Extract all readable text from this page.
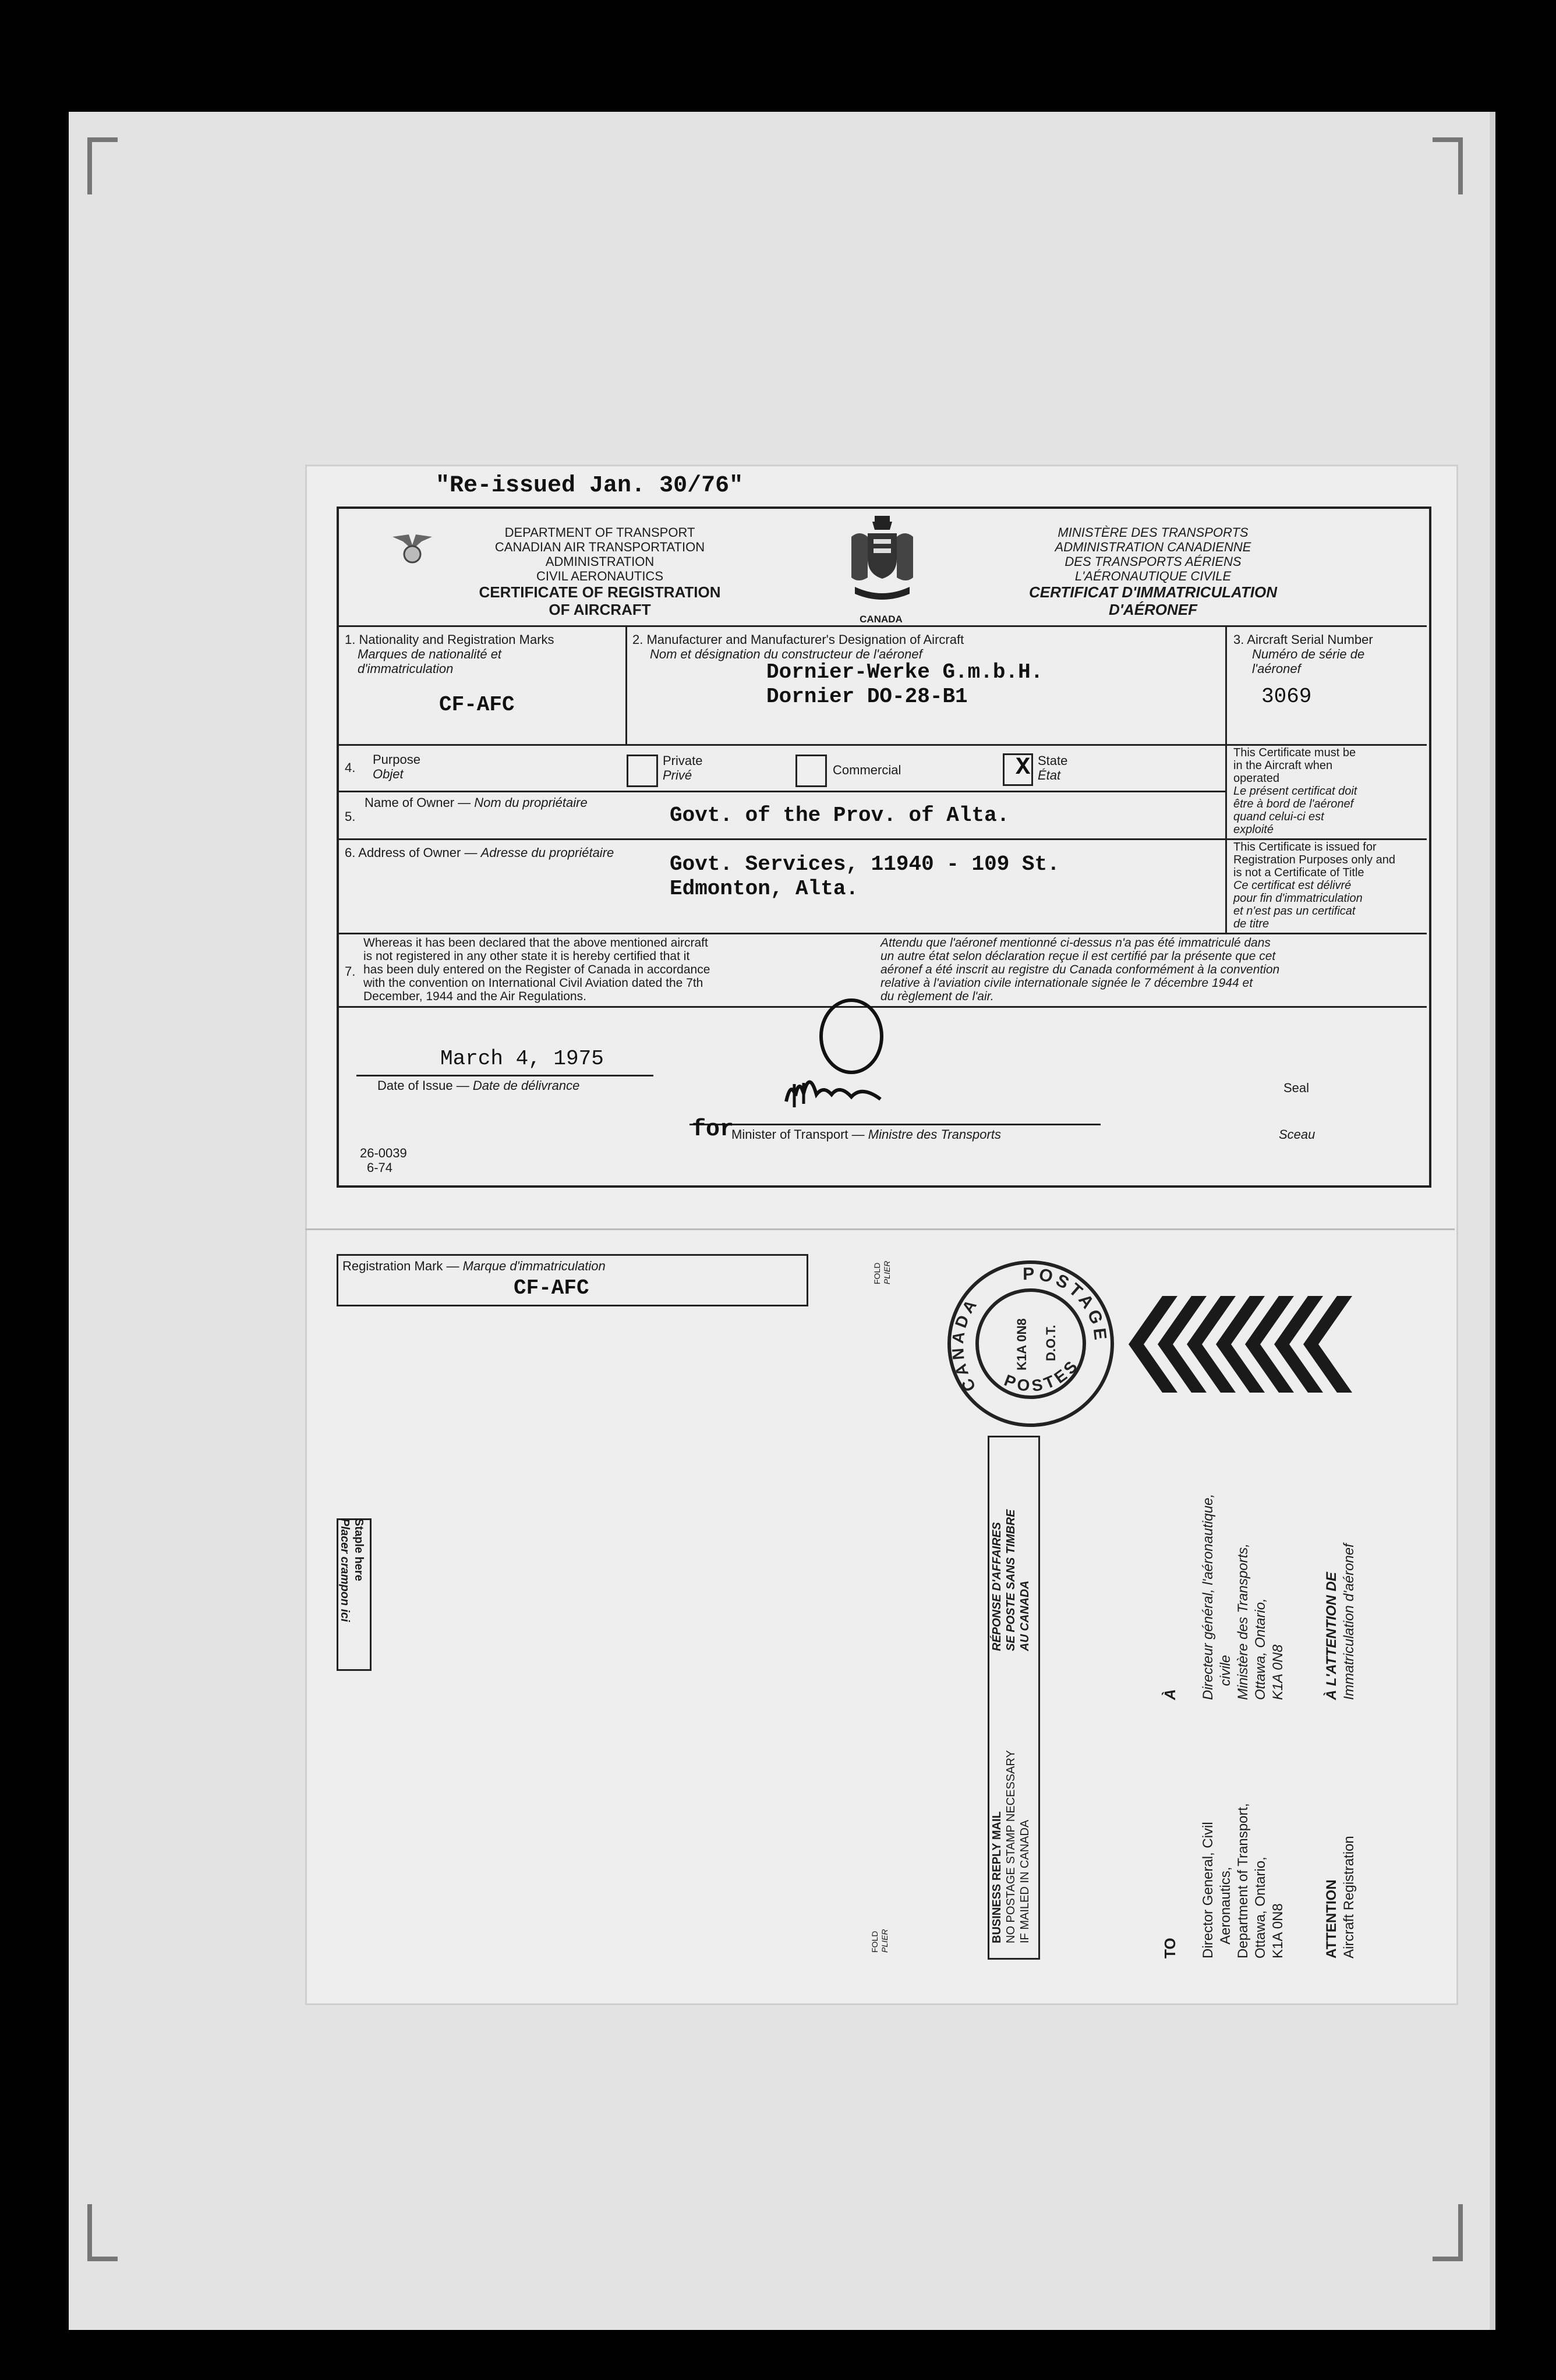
"Re-issued Jan. 30/76"
DEPARTMENT OF TRANSPORT
CANADIAN AIR TRANSPORTATION
ADMINISTRATION
CIVIL AERONAUTICS
CERTIFICATE OF REGISTRATION
OF AIRCRAFT
CANADA
MINISTÈRE DES TRANSPORTS
ADMINISTRATION CANADIENNE
DES TRANSPORTS AÉRIENS
L'AÉRONAUTIQUE CIVILE
CERTIFICAT D'IMMATRICULATION
D'AÉRONEF
1. Nationality and Registration Marks
Marques de nationalité et
d'immatriculation
CF-AFC
2. Manufacturer and Manufacturer's Designation of Aircraft
Nom et désignation du constructeur de l'aéronef
Dornier-Werke G.m.b.H.
Dornier DO-28-B1
3. Aircraft Serial Number
Numéro de série de
l'aéronef
3069
4.
Purpose
Objet
Private
Privé	Commercial	X State
État
This Certificate must be
in the Aircraft when
operated
Le présent certificat doit
être à bord de l'aéronef
quand celui-ci est
exploité
5.
Name of Owner — Nom du propriétaire
Govt. of the Prov. of Alta.
6. Address of Owner — Adresse du propriétaire	Govt. Services, 11940 - 109 St.
Edmonton, Alta.
This Certificate is issued for
Registration Purposes only and
is not a Certificate of Title
Ce certificat est délivré
pour fin d'immatriculation
et n'est pas un certificat
de titre
7.
Whereas it has been declared that the above mentioned aircraft
is not registered in any other state it is hereby certified that it
has been duly entered on the Register of Canada in accordance
with the convention on International Civil Aviation dated the 7th
December, 1944 and the Air Regulations.
Attendu que l'aéronef mentionné ci-dessus n'a pas été immatriculé dans
un autre état selon déclaration reçue il est certifié par la présente que cet
aéronef a été inscrit au registre du Canada conformément à la convention
relative à l'aviation civile internationale signée le 7 décembre 1944 et
du règlement de l'air.
March 4, 1975
Date of Issue — Date de délivrance
for
Minister of Transport — Ministre des Transports
Seal
Sceau
26-0039
6-74
Registration Mark — Marque d'immatriculation
CF-AFC
FOLD PLIER
FOLD PLIER
POSTAGE
POSTES
CANADA
K1A 0N8 D.O.T.
Staple here
Placer crampon ici
BUSINESS REPLY MAIL NO POSTAGE STAMP NECESSARY IF MAILED IN CANADA
RÉPONSE D'AFFAIRES SE POSTE SANS TIMBRE AU CANADA
TO Director General, Civil Aeronautics, Department of Transport, Ottawa, Ontario, K1A 0N8	ATTENTION Aircraft Registration
À Directeur général, l'aéronautique, civile Ministère des Transports, Ottawa, Ontario, K1A 0N8	À L'ATTENTION DE Immatriculation d'aéronef
